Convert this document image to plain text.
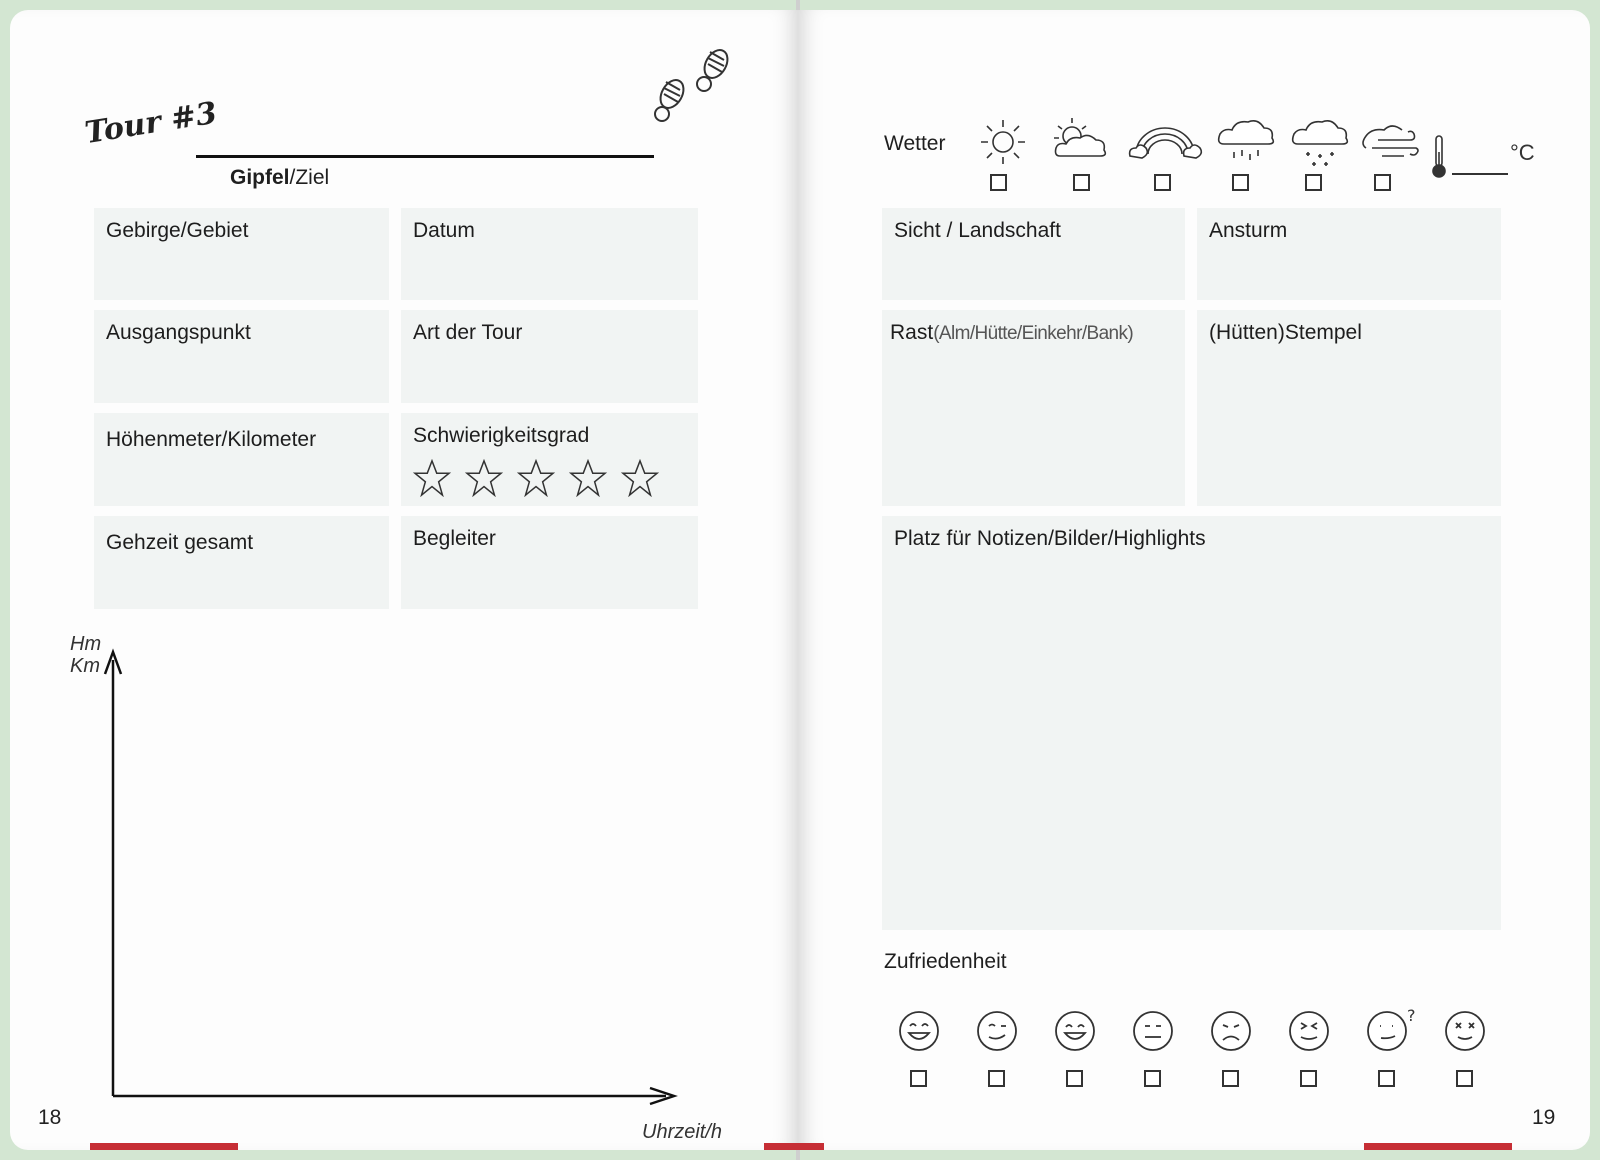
Tour #3
Gipfel/Ziel
Gebirge/Gebiet	Datum
Ausgangspunkt	Art der Tour
Höhenmeter/Kilometer	Schwierigkeitsgrad
Gehzeit gesamt	Begleiter
Hm
Km
Uhrzeit/h
18
Wetter	°C
Sicht / Landschaft	Ansturm
Rast(Alm/Hütte/Einkehr/Bank)	(Hütten)Stempel
Platz für Notizen/Bilder/Highlights
Zufriedenheit
19
?
